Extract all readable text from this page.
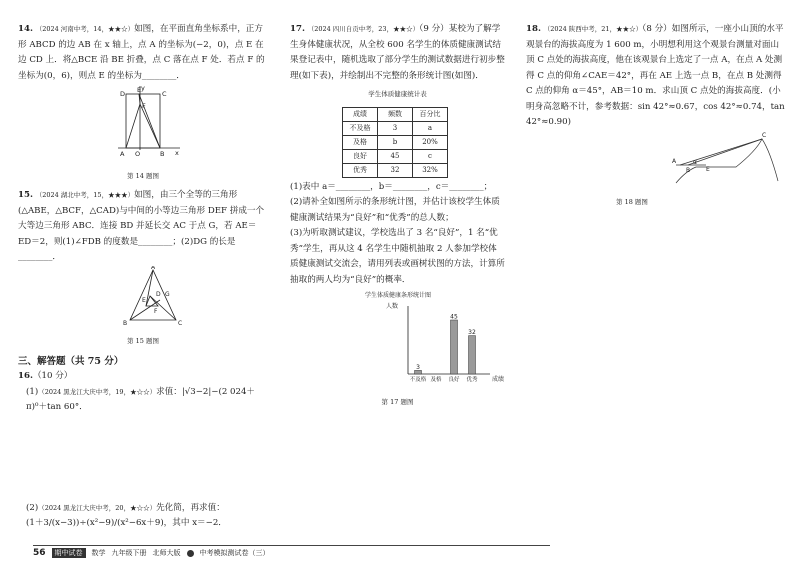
14. （2024 河南中考，14，★★☆）如图，在平面直角坐标系中，正方形 ABCD 的边 AB 在 x 轴上，点 A 的坐标为(−2，0)，点 E 在边 CD 上．将△BCE 沿 BE 折叠，点 C 落在点 F 处．若点 F 的坐标为(0，6)，则点 E 的坐标为________．

y
D E	C
F
A O	B x
第 14 题图

15. （2024 湖北中考，15，★★★）如图，由三个全等的三角形(△ABE，△BCF，△CAD)与中间的小等边三角形 DEF 拼成一个大等边三角形 ABC．连接 BD 并延长交 AC 于点 G，若 AE＝ED＝2，则(1)∠FDB 的度数是________；(2)DG 的长是________．

A
G
E
D
F
B	C
第 15 题图
三、解答题（共 75 分）

16.（10 分）

(1)（2024 黑龙江大庆中考，19，★☆☆）求值：|√3−2|−(2 024＋
π)⁰＋tan 60°．

(2)（2024 黑龙江大庆中考，20，★☆☆）先化简，再求值：
(1＋3/(x−3))÷(x²−9)/(x²−6x＋9)，其中 x＝−2．

17. （2024 四川自贡中考，23，★★☆）（9 分）某校为了解学生身体健康状况，从全校 600 名学生的体质健康测试结果登记表中，随机选取了部分学生的测试数据进行初步整理(如下表)，并绘制出不完整的条形统计图(如图)．

学生体质健康统计表
成绩	频数	百分比
不及格	3	a
及格	b	20%
良好	45	c
优秀	32	32%

(1)表中 a＝________，b＝________，c＝________；

(2)请补全如图所示的条形统计图，并估计该校学生体质健康测试结果为“良好”和“优秀”的总人数；

(3)为听取测试建议，学校选出了 3 名“良好”，1 名“优秀”学生，再从这 4 名学生中随机抽取 2 人参加学校体质健康测试交流会，请用列表或画树状图的方法，计算所抽取的两人均为“良好”的概率．

学生体质健康条形统计图
人数
3
不及格 及格
45
良好
32
优秀 成绩
第 17 题图

18. （2024 陕西中考，21，★★☆）（8 分）如图所示，一座小山顶的水平观景台的海拔高度为 1 600 m，小明想利用这个观景台测量对面山顶 C 点处的海拔高度，他在该观景台上选定了一点 A，在点 A 处测得 C 点的仰角∠CAE＝42°，再在 AE 上选一点 B，在点 B 处测得 C 点的仰角 α＝45°，AB＝10 m．求山顶 C 点处的海拔高度．(小明身高忽略不计，参考数据：sin 42°≈0.67，cos 42°≈0.74，tan 42°≈0.90)

C
A
B	E
α
第 18 题图
56	期中试卷	数学 九年级下册 北师大版	中考模拟测试卷（三）
